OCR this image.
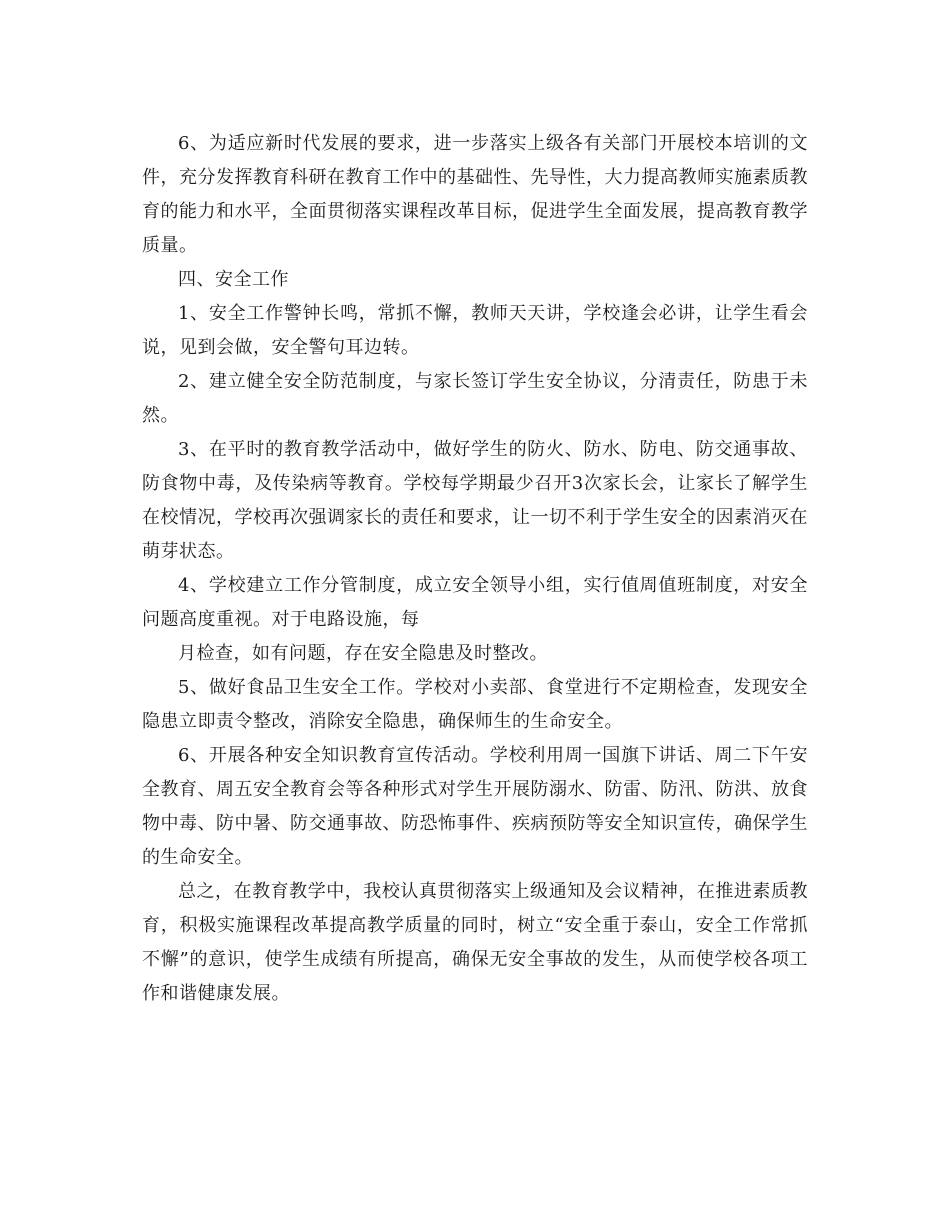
6、为适应新时代发展的要求，进一步落实上级各有关部门开展校本培训的文件，充分发挥教育科研在教育工作中的基础性、先导性，大力提高教师实施素质教育的能力和水平，全面贯彻落实课程改革目标，促进学生全面发展，提高教育教学质量。

四、安全工作

1、安全工作警钟长鸣，常抓不懈，教师天天讲，学校逢会必讲，让学生看会说，见到会做，安全警句耳边转。

2、建立健全安全防范制度，与家长签订学生安全协议，分清责任，防患于未然。

3、在平时的教育教学活动中，做好学生的防火、防水、防电、防交通事故、防食物中毒，及传染病等教育。学校每学期最少召开3次家长会，让家长了解学生在校情况，学校再次强调家长的责任和要求，让一切不利于学生安全的因素消灭在萌芽状态。

4、学校建立工作分管制度，成立安全领导小组，实行值周值班制度，对安全问题高度重视。对于电路设施，每

月检查，如有问题，存在安全隐患及时整改。

5、做好食品卫生安全工作。学校对小卖部、食堂进行不定期检查，发现安全隐患立即责令整改，消除安全隐患，确保师生的生命安全。

6、开展各种安全知识教育宣传活动。学校利用周一国旗下讲话、周二下午安全教育、周五安全教育会等各种形式对学生开展防溺水、防雷、防汛、防洪、放食物中毒、防中暑、防交通事故、防恐怖事件、疾病预防等安全知识宣传，确保学生的生命安全。

总之，在教育教学中，我校认真贯彻落实上级通知及会议精神，在推进素质教育，积极实施课程改革提高教学质量的同时，树立“安全重于泰山，安全工作常抓不懈”的意识，使学生成绩有所提高，确保无安全事故的发生，从而使学校各项工作和谐健康发展。
